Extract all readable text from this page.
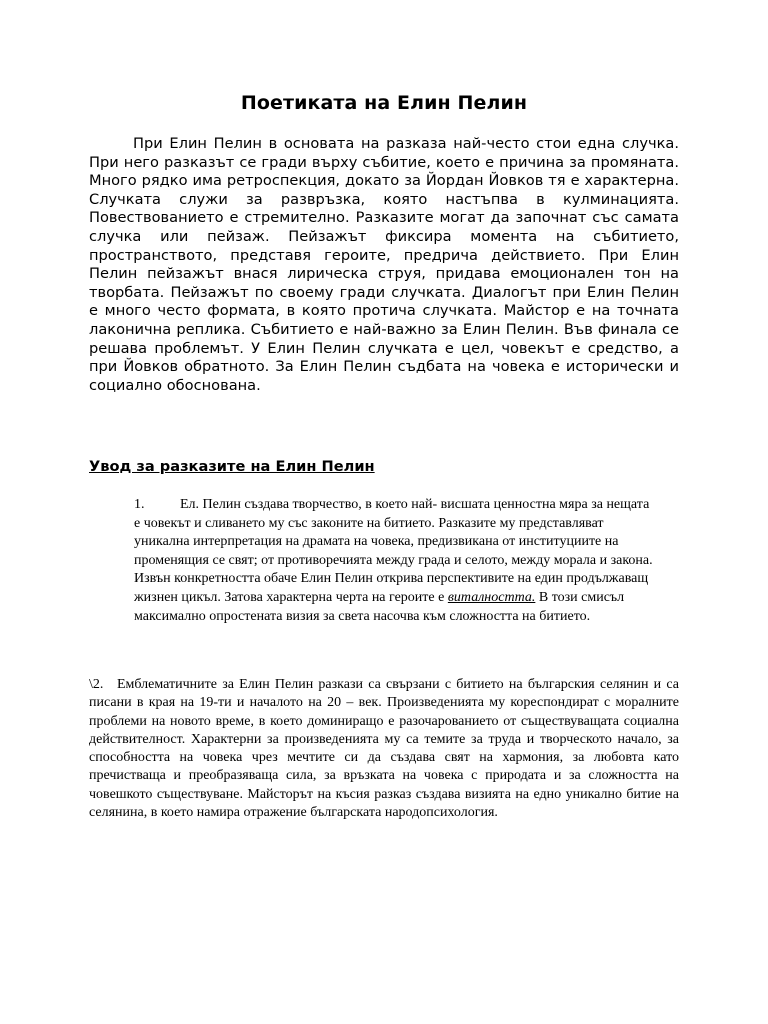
Поетиката на Елин Пелин

При Елин Пелин в основата на разказа най-често стои една случка. При него разказът се гради върху събитие, което е причина за промяната. Много рядко има ретроспекция, докато за Йордан Йовков тя е характерна. Случката служи за развръзка, която настъпва в кулминацията. Повествованието е стремително. Разказите могат да започнат със самата случка или пейзаж. Пейзажът фиксира момента на събитието, пространството, представя героите, предрича действието. При Елин Пелин пейзажът внася лирическа струя, придава емоционален тон на творбата. Пейзажът по своему гради случката. Диалогът при Елин Пелин е много често формата, в която протича случката. Майстор е на точната лаконична реплика. Събитието е най-важно за Елин Пелин. Във финала се решава проблемът. У Елин Пелин случката е цел, човекът е средство, а при Йовков обратното. За Елин Пелин съдбата на човека е исторически и социално обоснована.

Увод за разказите на Елин Пелин

1.	Ел. Пелин създава творчество, в което най- висшата ценностна мяра за нещата е човекът и сливането му със законите на битието. Разказите му представляват уникална интерпретация на драмата на човека, предизвикана от институциите на променящия се свят; от противоречията между града и селото, между морала и закона. Извън конкретността обаче Елин Пелин открива перспективите на един продължаващ жизнен цикъл. Затова характерна черта на героите е виталността. В този смисъл максимално опростената визия за света насочва към сложността на битието.

\2. Емблематичните за Елин Пелин разкази са свързани с битието на българския селянин и са писани в края на 19-ти и началото на 20 – век. Произведенията му кореспондират с моралните проблеми на новото време, в което доминиращо е разочарованието от съществуващата социална действителност. Характерни за произведенията му са темите за труда и творческото начало, за способността на човека чрез мечтите си да създава свят на хармония, за любовта като пречистваща и преобразяваща сила, за връзката на човека с природата и за сложността на човешкото съществуване. Майсторът на късия разказ създава визията на едно уникално битие на селянина, в което намира отражение българската народопсихология.
